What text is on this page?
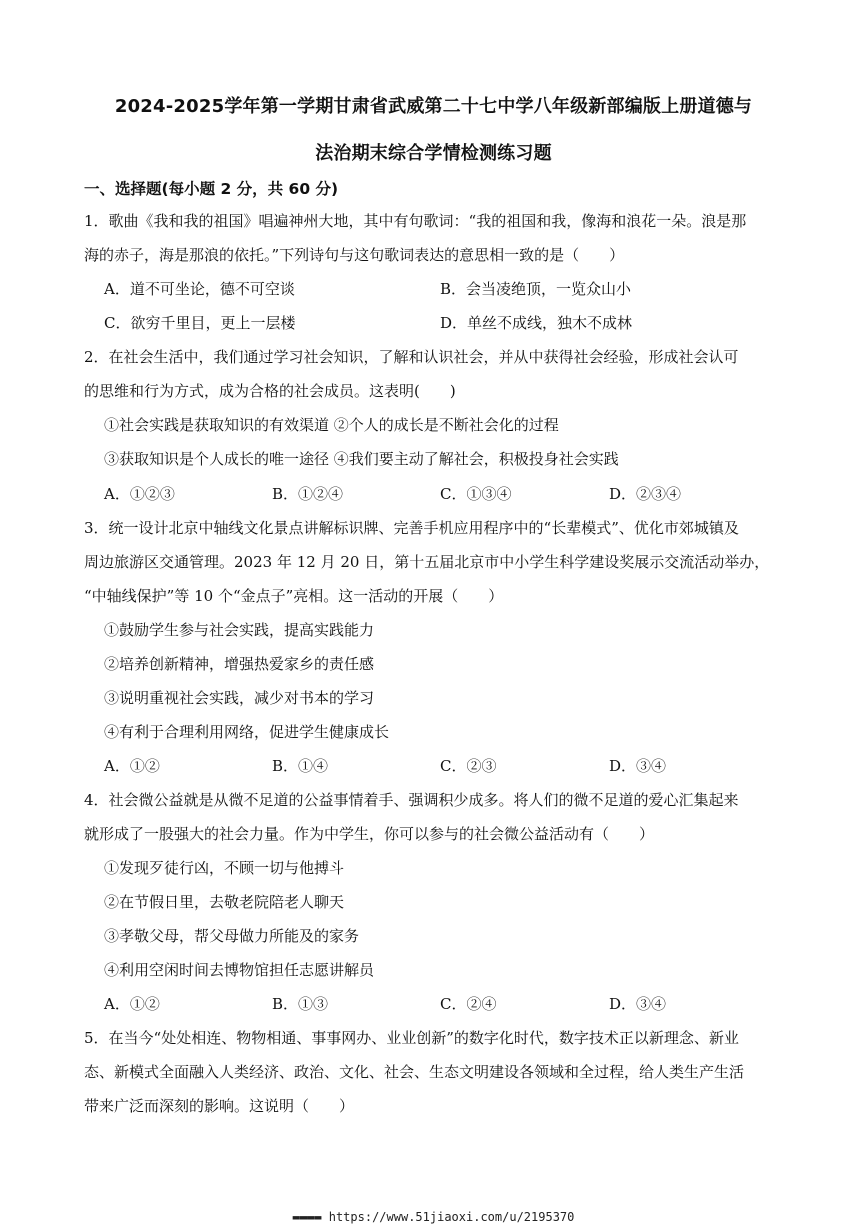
2024-2025学年第一学期甘肃省武威第二十七中学八年级新部编版上册道德与
法治期末综合学情检测练习题
一、选择题(每小题 2 分，共 60 分)
1．歌曲《我和我的祖国》唱遍神州大地，其中有句歌词：“我的祖国和我，像海和浪花一朵。浪是那
海的赤子，海是那浪的依托。”下列诗句与这句歌词表达的意思相一致的是（　　）
A．道不可坐论，德不可空谈	B．会当凌绝顶，一览众山小
C．欲穷千里目，更上一层楼	D．单丝不成线，独木不成林
2．在社会生活中，我们通过学习社会知识，了解和认识社会，并从中获得社会经验，形成社会认可
的思维和行为方式，成为合格的社会成员。这表明(　　)
①社会实践是获取知识的有效渠道 ②个人的成长是不断社会化的过程
③获取知识是个人成长的唯一途径 ④我们要主动了解社会，积极投身社会实践
A．①②③	B．①②④	C．①③④	D．②③④
3．统一设计北京中轴线文化景点讲解标识牌、完善手机应用程序中的“长辈模式”、优化市郊城镇及
周边旅游区交通管理。2023 年 12 月 20 日，第十五届北京市中小学生科学建设奖展示交流活动举办，
“中轴线保护”等 10 个“金点子”亮相。这一活动的开展（　　）
①鼓励学生参与社会实践，提高实践能力
②培养创新精神，增强热爱家乡的责任感
③说明重视社会实践，减少对书本的学习
④有利于合理利用网络，促进学生健康成长
A．①②	B．①④	C．②③	D．③④
4．社会微公益就是从微不足道的公益事情着手、强调积少成多。将人们的微不足道的爱心汇集起来
就形成了一股强大的社会力量。作为中学生，你可以参与的社会微公益活动有（　　）
①发现歹徒行凶，不顾一切与他搏斗
②在节假日里，去敬老院陪老人聊天
③孝敬父母，帮父母做力所能及的家务
④利用空闲时间去博物馆担任志愿讲解员
A．①②	B．①③	C．②④	D．③④
5．在当今“处处相连、物物相通、事事网办、业业创新”的数字化时代，数字技术正以新理念、新业
态、新模式全面融入人类经济、政治、文化、社会、生态文明建设各领域和全过程，给人类生产生活
带来广泛而深刻的影响。这说明（　　）
▬▬▬▬ https://www.51jiaoxi.com/u/2195370
